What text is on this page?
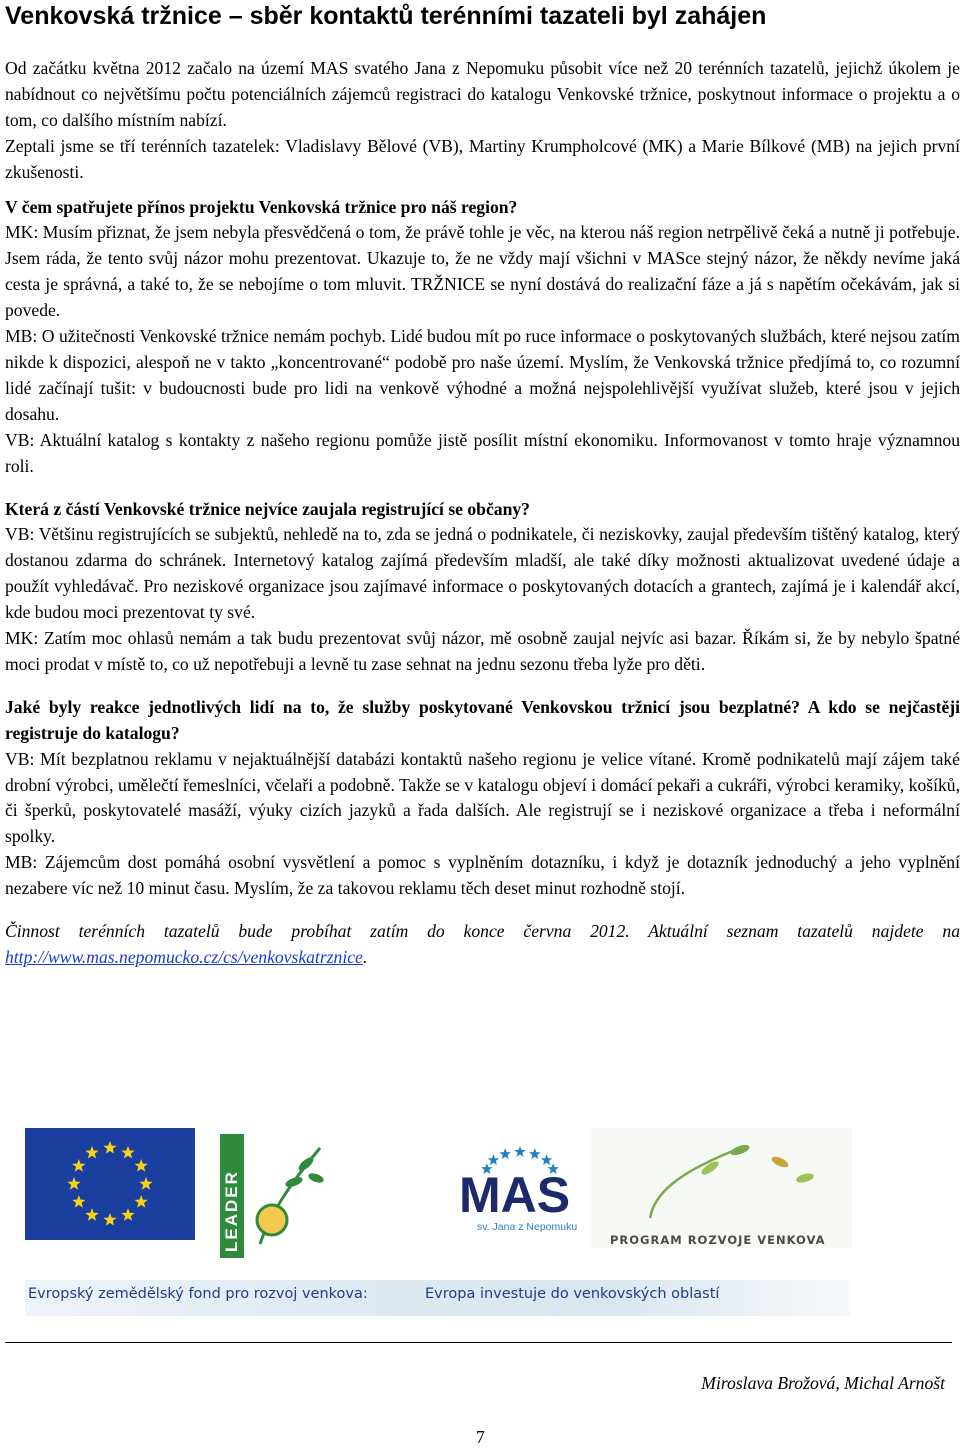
Venkovská tržnice – sběr kontaktů terénními tazateli byl zahájen

Od začátku května 2012 začalo na území MAS svatého Jana z Nepomuku působit více než 20 terénních tazatelů, jejichž úkolem je nabídnout co největšímu počtu potenciálních zájemců registraci do katalogu Venkovské tržnice, poskytnout informace o projektu a o tom, co dalšího místním nabízí.

Zeptali jsme se tří terénních tazatelek: Vladislavy Bělové (VB), Martiny Krumpholcové (MK) a Marie Bílkové (MB) na jejich první zkušenosti.

V čem spatřujete přínos projektu Venkovská tržnice pro náš region?

MK: Musím přiznat, že jsem nebyla přesvědčená o tom, že právě tohle je věc, na kterou náš region netrpělivě čeká a nutně ji potřebuje. Jsem ráda, že tento svůj názor mohu prezentovat. Ukazuje to, že ne vždy mají všichni v MASce stejný názor, že někdy nevíme jaká cesta je správná, a také to, že se nebojíme o tom mluvit. TRŽNICE se nyní dostává do realizační fáze a já s napětím očekávám, jak si povede.

MB: O užitečnosti Venkovské tržnice nemám pochyb. Lidé budou mít po ruce informace o poskytovaných službách, které nejsou zatím nikde k dispozici, alespoň ne v takto „koncentrované“ podobě pro naše území. Myslím, že Venkovská tržnice předjímá to, co rozumní lidé začínají tušit: v budoucnosti bude pro lidi na venkově výhodné a možná nejspolehlivější využívat služeb, které jsou v jejich dosahu.

VB: Aktuální katalog s kontakty z našeho regionu pomůže jistě posílit místní ekonomiku. Informovanost v tomto hraje významnou roli.

Která z částí Venkovské tržnice nejvíce zaujala registrující se občany?

VB: Většinu registrujících se subjektů, nehledě na to, zda se jedná o podnikatele, či neziskovky, zaujal především tištěný katalog, který dostanou zdarma do schránek. Internetový katalog zajímá především mladší, ale také díky možnosti aktualizovat uvedené údaje a použít vyhledávač. Pro neziskové organizace jsou zajímavé informace o poskytovaných dotacích a grantech, zajímá je i kalendář akcí, kde budou moci prezentovat ty své.

MK: Zatím moc ohlasů nemám a tak budu prezentovat svůj názor, mě osobně zaujal nejvíc asi bazar. Říkám si, že by nebylo špatné moci prodat v místě to, co už nepotřebuji a levně tu zase sehnat na jednu sezonu třeba lyže pro děti.

Jaké byly reakce jednotlivých lidí na to, že služby poskytované Venkovskou tržnicí jsou bezplatné? A kdo se nejčastěji registruje do katalogu?

VB: Mít bezplatnou reklamu v nejaktuálnější databázi kontaktů našeho regionu je velice vítané. Kromě podnikatelů mají zájem také drobní výrobci, umělečtí řemeslníci, včelaři a podobně. Takže se v katalogu objeví i domácí pekaři a cukráři, výrobci keramiky, košíků, či šperků, poskytovatelé masáží, výuky cizích jazyků a řada dalších. Ale registrují se i neziskové organizace a třeba i neformální spolky.

MB: Zájemcům dost pomáhá osobní vysvětlení a pomoc s vyplněním dotazníku, i když je dotazník jednoduchý a jeho vyplnění nezabere víc než 10 minut času. Myslím, že za takovou reklamu těch deset minut rozhodně stojí.

Činnost terénních tazatelů bude probíhat zatím do konce června 2012. Aktuální seznam tazatelů najdete na http://www.mas.nepomucko.cz/cs/venkovskatrznice.

LEADER	MAS
sv. Jana z Nepomuku
PROGRAM ROZVOJE VENKOVA
Evropský zemědělský fond pro rozvoj venkova:	Evropa investuje do venkovských oblastí
Miroslava Brožová, Michal Arnošt
7
